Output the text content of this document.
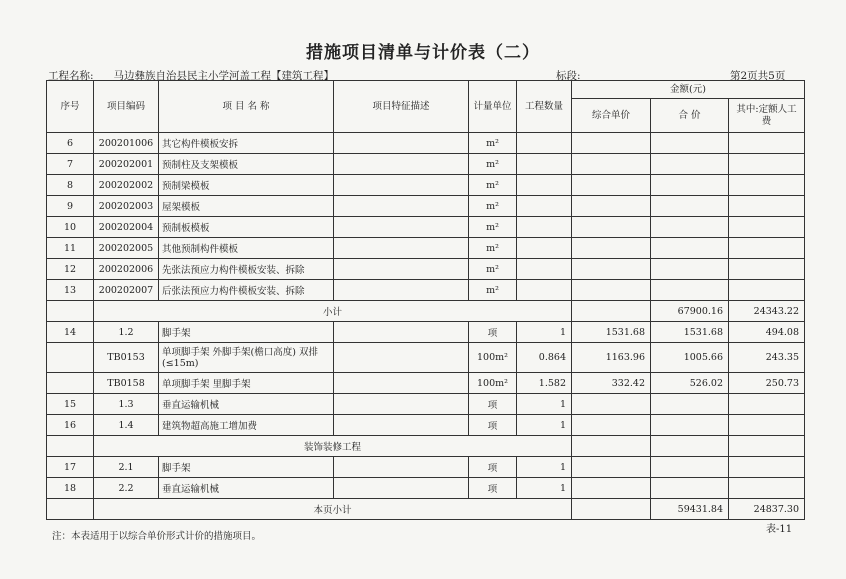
措施项目清单与计价表（二）
工程名称: 马边彝族自治县民主小学河盖工程【建筑工程】	标段:	第2页共5页
序号	项目编码	项 目 名 称	项目特征描述	计量单位	工程数量	金额(元)		
						综合单价	合 价	其中:定额人工费
6	200201006	其它构件模板安拆		m²				
7	200202001	预制柱及支架模板		m²				
8	200202002	预制梁模板		m²				
9	200202003	屋架模板		m²				
10	200202004	预制板模板		m²				
11	200202005	其他预制构件模板		m²				
12	200202006	先张法预应力构件模板安装、拆除		m²				
13	200202007	后张法预应力构件模板安装、拆除		m²				
	小计						67900.16	24343.22
14	1.2	脚手架		项	1	1531.68	1531.68	494.08
	TB0153	单项脚手架 外脚手架(檐口高度) 双排(≤15m)		100m²	0.864	1163.96	1005.66	243.35
	TB0158	单项脚手架 里脚手架		100m²	1.582	332.42	526.02	250.73
15	1.3	垂直运输机械		项	1			
16	1.4	建筑物超高施工增加费		项	1			
	装饰装修工程							
17	2.1	脚手架		项	1			
18	2.2	垂直运输机械		项	1			
	本页小计						59431.84	24837.30
注：本表适用于以综合单价形式计价的措施项目。
表-11
